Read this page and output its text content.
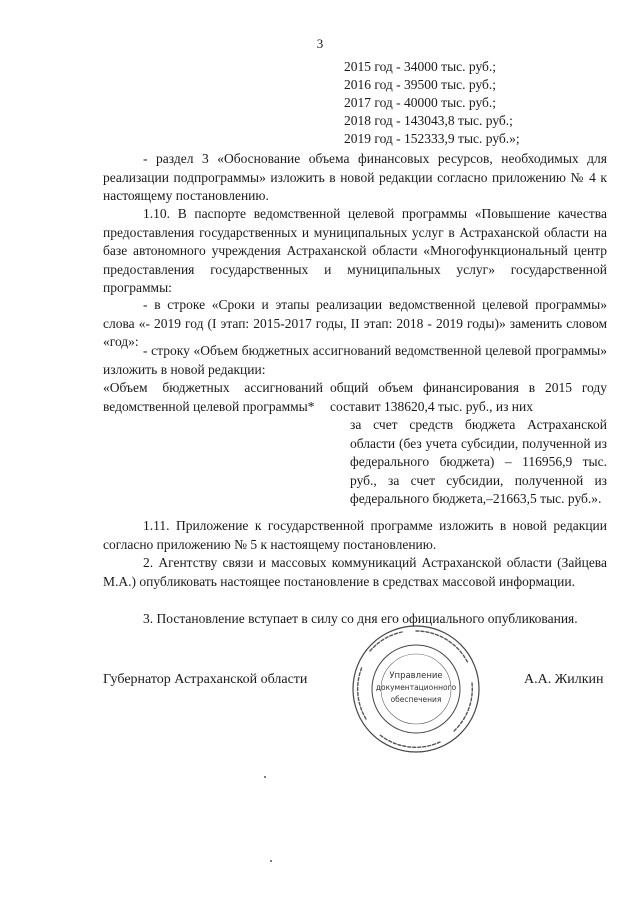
3
2015 год - 34000 тыс. руб.;
2016 год - 39500 тыс. руб.;
2017 год - 40000 тыс. руб.;
2018 год - 143043,8 тыс. руб.;
2019 год - 152333,9 тыс. руб.»;
- раздел 3 «Обоснование объема финансовых ресурсов, необходимых для реализации подпрограммы» изложить в новой редакции согласно приложению № 4 к настоящему постановлению.
1.10. В паспорте ведомственной целевой программы «Повышение качества предоставления государственных и муниципальных услуг в Астраханской области на базе автономного учреждения Астраханской области «Многофункциональный центр предоставления государственных и муниципальных услуг» государственной программы:
- в строке «Сроки и этапы реализации ведомственной целевой программы» слова «- 2019 год (I этап: 2015-2017 годы, II этап: 2018 - 2019 годы)» заменить словом «год»:
- строку «Объем бюджетных ассигнований ведомственной целевой программы» изложить в новой редакции:
«Объем бюджетных ассигнований ведомственной целевой программы*
общий объем финансирования в 2015 году составит 138620,4 тыс. руб., из них
за счет средств бюджета Астраханской области (без учета субсидии, полученной из федерального бюджета) – 116956,9 тыс. руб., за счет субсидии, полученной из федерального бюджета,–21663,5 тыс. руб.».
1.11. Приложение к государственной программе изложить в новой редакции согласно приложению № 5 к настоящему постановлению.
2. Агентству связи и массовых коммуникаций Астраханской области (Зайцева М.А.) опубликовать настоящее постановление в средствах массовой информации.
3. Постановление вступает в силу со дня его официального опубликования.
Губернатор Астраханской области	А.А. Жилкин
Управление
документационного
обеспечения
